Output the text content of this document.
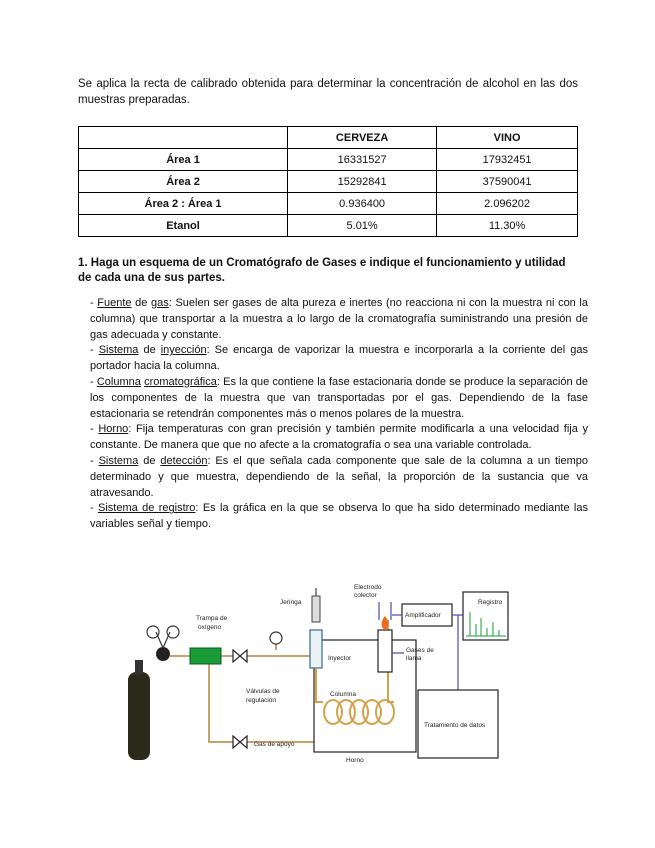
Se aplica la recta de calibrado obtenida para determinar la concentración de alcohol en las dos muestras preparadas.
	CERVEZA	VINO
Área 1	16331527	17932451
Área 2	15292841	37590041
Área 2 : Área 1	0.936400	2.096202
Etanol	5.01%	11.30%
1. Haga un esquema de un Cromatógrafo de Gases e indique el funcionamiento y utilidad de cada una de sus partes.

- Fuente de gas: Suelen ser gases de alta pureza e inertes (no reacciona ni con la muestra ni con la columna) que transportar a la muestra a lo largo de la cromatografía suministrando una presión de gas adecuada y constante.

- Sistema de inyección: Se encarga de vaporizar la muestra e incorporarla a la corriente del gas portador hacia la columna.

- Columna cromatográfica: Es la que contiene la fase estacionaria donde se produce la separación de los componentes de la muestra que van transportadas por el gas. Dependiendo de la fase estacionaria se retendrán componentes más o menos polares de la muestra.

- Horno: Fija temperaturas con gran precisión y también permite modificarla a una velocidad fija y constante. De manera que que no afecte a la cromatografía o sea una variable controlada.

- Sistema de detección: Es el que señala cada componente que sale de la columna a un tiempo determinado y que muestra, dependiendo de la señal, la proporción de la sustancia que va atravesando.

- Sistema de registro: Es la gráfica en la que se observa lo que ha sido determinado mediante las variables señal y tiempo.

Trampa de
oxígeno
Válvulas de
regulación
Gas de apoyo
Horno
Jeringa
Inyector
Columna
Electrodo
colector
Gases de
llama
Amplificador
Registro
Tratamiento de datos
